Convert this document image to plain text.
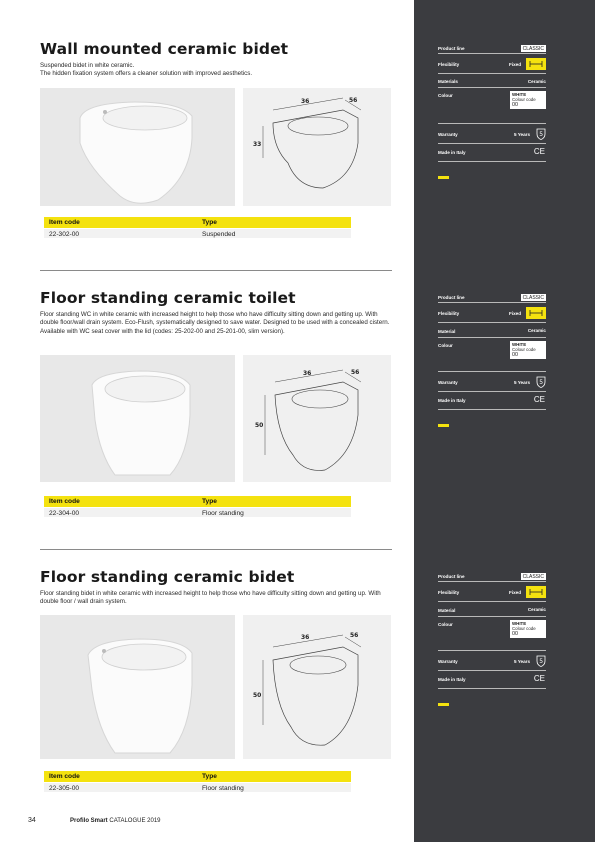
Wall mounted ceramic bidet
Suspended bidet in white ceramic.
The hidden fixation system offers a cleaner solution with improved aesthetics.
36	56
33
Item code	Type
22-302-00	Suspended
Floor standing ceramic toilet
Floor standing WC in white ceramic with increased height to help those who have difficulty sitting down and getting up. With double floor/wall drain system. Eco-Flush, systematically designed to save water. Designed to be used with a concealed cistern.
Available with WC seat cover with the lid (codes: 25-202-00 and 25-201-00, slim version).
36	56
50
Item code	Type
22-304-00	Floor standing
Floor standing ceramic bidet
Floor standing bidet in white ceramic with increased height to help those who have difficulty sitting down and getting up. With double floor / wall drain system.
36	56
50
Item code	Type
22-305-00	Floor standing
Product line	CLASSIC
Flexibility	Fixed
Materials	Ceramic
Colour	WHITE
Colour code
00
Warranty	5 Years 5
Made in Italy	CE
Product line	CLASSIC
Flexibility	Fixed
Material	Ceramic
Colour	WHITE
Colour code
00
Warranty	5 Years 5
Made in Italy	CE
Product line	CLASSIC
Flexibility	Fixed
Material	Ceramic
Colour	WHITE
Colour code
00
Warranty	5 Years 5
Made in Italy	CE
34	Profilo Smart CATALOGUE 2019
